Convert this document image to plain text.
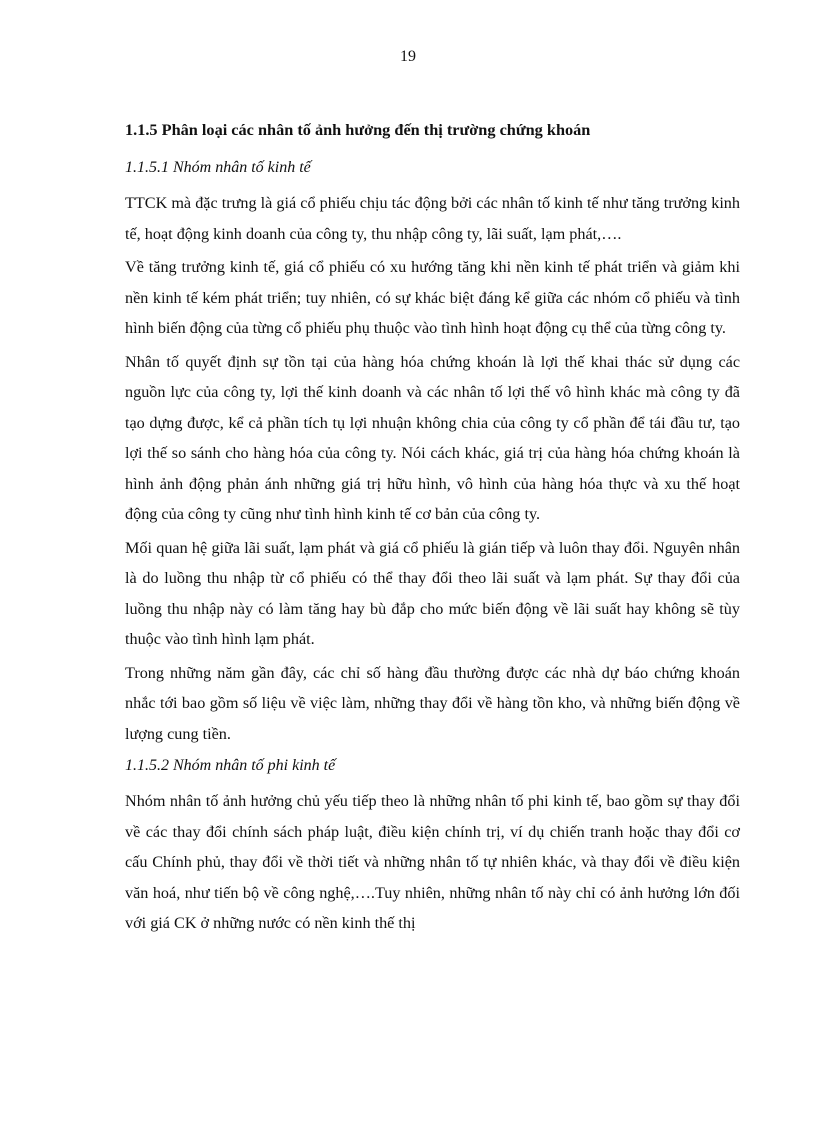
19
1.1.5 Phân loại các nhân tố ảnh hưởng đến thị trường chứng khoán
1.1.5.1 Nhóm nhân tố kinh tế

TTCK mà đặc trưng là giá cổ phiếu chịu tác động bởi các nhân tố kinh tế như tăng trưởng kinh tế, hoạt động kinh doanh của công ty, thu nhập công ty, lãi suất, lạm phát,….

Về tăng trưởng kinh tế, giá cổ phiếu có xu hướng tăng khi nền kinh tế phát triển và giảm khi nền kinh tế kém phát triển; tuy nhiên, có sự khác biệt đáng kể giữa các nhóm cổ phiếu và tình hình biến động của từng cổ phiếu phụ thuộc vào tình hình hoạt động cụ thể của từng công ty.

Nhân tố quyết định sự tồn tại của hàng hóa chứng khoán là lợi thế khai thác sử dụng các nguồn lực của công ty, lợi thế kinh doanh và các nhân tố lợi thế vô hình khác mà công ty đã tạo dựng được, kể cả phần tích tụ lợi nhuận không chia của công ty cổ phần để tái đầu tư, tạo lợi thế so sánh cho hàng hóa của công ty. Nói cách khác, giá trị của hàng hóa chứng khoán là hình ảnh động phản ánh những giá trị hữu hình, vô hình của hàng hóa thực và xu thế hoạt động của công ty cũng như tình hình kinh tế cơ bản của công ty.

Mối quan hệ giữa lãi suất, lạm phát và giá cổ phiếu là gián tiếp và luôn thay đổi. Nguyên nhân là do luồng thu nhập từ cổ phiếu có thể thay đổi theo lãi suất và lạm phát. Sự thay đổi của luồng thu nhập này có làm tăng hay bù đắp cho mức biến động về lãi suất hay không sẽ tùy thuộc vào tình hình lạm phát.

Trong những năm gần đây, các chỉ số hàng đầu thường được các nhà dự báo chứng khoán nhắc tới bao gồm số liệu về việc làm, những thay đổi về hàng tồn kho, và những biến động về lượng cung tiền.

1.1.5.2 Nhóm nhân tố phi kinh tế

Nhóm nhân tố ảnh hưởng chủ yếu tiếp theo là những nhân tố phi kinh tế, bao gồm sự thay đổi về các thay đổi chính sách pháp luật, điều kiện chính trị, ví dụ chiến tranh hoặc thay đổi cơ cấu Chính phủ, thay đổi về thời tiết và những nhân tố tự nhiên khác, và thay đổi về điều kiện văn hoá, như tiến bộ về công nghệ,….Tuy nhiên, những nhân tố này chỉ có ảnh hưởng lớn đối với giá CK ở những nước có nền kinh thế thị
